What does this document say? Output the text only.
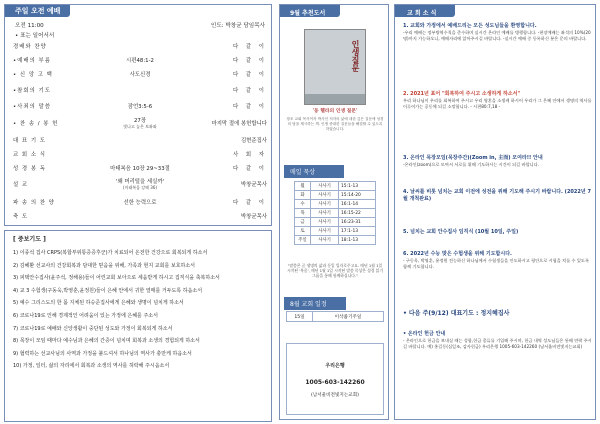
주일 오전 예배
오전 11:00	인도: 박창균 담임목사
• 표는 일어서서
경배와 찬양	다 같 이
•예배의 부름	시편48:1-2	다 같 이
• 신 앙 고 백	사도신경	다 같 이
•참회의 기도	다 같 이
•사죄의 말씀	잠언3:5-6	다 같 이
• 찬 송 / 봉 헌	27장
빛나고 높은 보좌와	마지막 절에 봉헌합니다
대 표 기 도	김현준집사
교 회 소 식	사 회 자
성 경 봉 독	마태복음 10장 29~33절	다 같 이
설 교	'왜 머리털을 세실까'
(마태복음 강해 36)	박창균목사
파 송 의 찬 양	선한 능력으로	다 같 이
축 도	박창균목사
[ 중보기도 ]
1) 이종석 집사 CRPS(복합부위통증증후군)가 치료되어 온전한 건강으로 회복되게 하소서
2) 김혜환 선교사의 건강회복과 담대한 믿음을 위해, 가족과 현지 교회를 보호하소서
3) 피택안수집사(윤주석, 정해용)들이 어린교회 보아으로 세움받게 하시고 집직식을 축복하소서
4) 교 3 수험생(구동욱,박영훈,윤정원)들이 은혜 안에서 귀한 열매를 거두도록 하옵소서
5) 예수 그리스도의 한 몸 지체된 하승준집사에게 은혜와 생명이 넘치게 하소서
6) 코로나19로 인해 경제적인 어려움이 있는 가정에 은혜를 주소서
7) 코로나19로 예배와 신앙생활이 중단된 성도와 가정이 회복되게 하소서
8) 목장이 모임 때마다 예수님과 은혜의 간증이 넘치며 회복과 소생의 경험되게 하소서
9) 협력하는 선교사님의 사역과 가정을 붙드셔서 하나님의 역사가 충만케 하옵소서
10) 가정, 일터, 삶의 자리에서 회복과 소생의 역사를 허락해 주시옵소서
9월 추천도서
인생질문
'동 헬라의 인생 질문'
창조 교회 목사이자 박사인 저자의 삶에 대한 깊은 질문에 성경의 답을 제시하는 책. 인생 중대한 질문들을 해결할 수 있도록 하였습니다.
매일 묵상
월	사사기	15:1-13
화	사사기	15:14-20
수	사사기	16:1-14
목	사사기	16:15-22
금	사사기	16:23-31
토	사사기	17:1-13
주일	사사기	18:1-13
"말씀은 곧 생명의 삶과 동일 입자로주고요. 매년 1월 1일 시작된 '복음', 매년 1월 1일 시작된 말씀 묵상은 성경 읽기 그룹을 통해 함께하십니다."
8월 교회 일정
15일	이삭줍기주일
우리은행
1005-603-142260
(남서울비전빛지는교회)
교 회 소 식
1. 교회와 가정에서 예배드리는 모든 성도님들을 환영합니다.
-우리 예배는 정부방역수칙을 준수하며 실시간 온라인 예배를 병행합니다. -현장예배는 좌석의 10%(20명)까지 가능하오니, 예배자리에 앉아주시길 바랍니다. -실시간 예배 중 등록하신 분은 문의 바랍니다.
2. 2021년 표어 "회복하여 주시고 소생하게 하소서"
우리 하나님이 우리를 회복하여 주시고 우리 영혼을 소생케 하시어 우리가 그 은혜 안에서 생명의 역사를 이루어가는 공동체 되길 소망합니다. - 시편80:7,18 -
3. 온라인 목장모임(목장주간)(Zoom in, 主而) 모여라!! 안내
-온라인(zoom)으로 모여서 서로를 위해 기도하시는 시간이 되길 바랍니다.
4. 날씨를 비롯 넘치는 교회 이전에 성전을 위해 기도해 주시기 바랍니다. (2022년 7월 개척완료)
5. 넘치는 교회 안수집사 임직식 (10월 10일, 주일)
6. 2022년 수능 맞은 수험생을 위해 기도합시다.
- 구동욱, 박영훈, 윤정원 전능하신 하나님께서 수험생들을 인도하시고 평안으로 시험을 치를 수 있도록 함께 기도합니다.
• 다음 주(9/12) 대표기도 : 정지혜집사
• 온라인 헌금 안내
- 온라인으로 헌금을 보내실 때는 성함,헌금 종류를 기입해 주시며, 헌금 내역 성도님들은 통해 연락 주시길 바랍니다. 예) 홍길동(십일조, 감사헌금) 우리은행 1005-603-142260 (남서울비전빛지는교회)
